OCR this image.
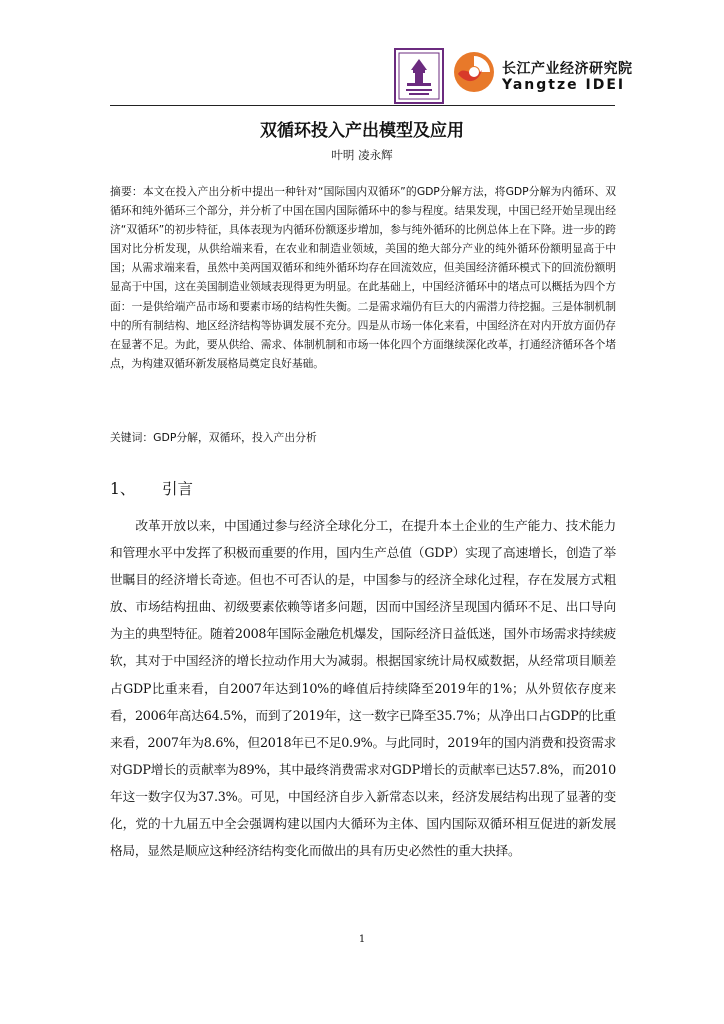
长江产业经济研究院
Yangtze IDEI
双循环投入产出模型及应用
叶明 凌永辉

摘要：本文在投入产出分析中提出一种针对“国际国内双循环”的GDP分解方法，将GDP分解为内循环、双循环和纯外循环三个部分，并分析了中国在国内国际循环中的参与程度。结果发现，中国已经开始呈现出经济“双循环”的初步特征，具体表现为内循环份额逐步增加，参与纯外循环的比例总体上在下降。进一步的跨国对比分析发现，从供给端来看，在农业和制造业领域，美国的绝大部分产业的纯外循环份额明显高于中国；从需求端来看，虽然中美两国双循环和纯外循环均存在回流效应，但美国经济循环模式下的回流份额明显高于中国，这在美国制造业领域表现得更为明显。在此基础上，中国经济循环中的堵点可以概括为四个方面：一是供给端产品市场和要素市场的结构性失衡。二是需求端仍有巨大的内需潜力待挖掘。三是体制机制中的所有制结构、地区经济结构等协调发展不充分。四是从市场一体化来看，中国经济在对内开放方面仍存在显著不足。为此，要从供给、需求、体制机制和市场一体化四个方面继续深化改革，打通经济循环各个堵点，为构建双循环新发展格局奠定良好基础。

关键词：GDP分解，双循环，投入产出分析
1、 引言

改革开放以来，中国通过参与经济全球化分工，在提升本土企业的生产能力、技术能力和管理水平中发挥了积极而重要的作用，国内生产总值（GDP）实现了高速增长，创造了举世瞩目的经济增长奇迹。但也不可否认的是，中国参与的经济全球化过程，存在发展方式粗放、市场结构扭曲、初级要素依赖等诸多问题，因而中国经济呈现国内循环不足、出口导向为主的典型特征。随着2008年国际金融危机爆发，国际经济日益低迷，国外市场需求持续疲软，其对于中国经济的增长拉动作用大为减弱。根据国家统计局权威数据，从经常项目顺差占GDP比重来看，自2007年达到10%的峰值后持续降至2019年的1%；从外贸依存度来看，2006年高达64.5%，而到了2019年，这一数字已降至35.7%；从净出口占GDP的比重来看，2007年为8.6%，但2018年已不足0.9%。与此同时，2019年的国内消费和投资需求对GDP增长的贡献率为89%，其中最终消费需求对GDP增长的贡献率已达57.8%，而2010年这一数字仅为37.3%。可见，中国经济自步入新常态以来，经济发展结构出现了显著的变化，党的十九届五中全会强调构建以国内大循环为主体、国内国际双循环相互促进的新发展格局，显然是顺应这种经济结构变化而做出的具有历史必然性的重大抉择。

1
